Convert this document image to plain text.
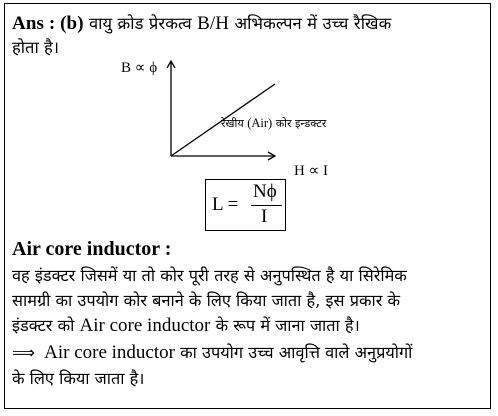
Ans : (b) वायु क्रोड प्रेरकत्व B/H अभिकल्पन में उच्च रैखिक
होता है।
B ∝ ϕ
H ∝ I
रेखीय (Air) कोर इन्डक्टर
L =
Nϕ
I
Air core inductor :
वह इंडक्टर जिसमें या तो कोर पूरी तरह से अनुपस्थित है या सिरेमिक
सामग्री का उपयोग कोर बनाने के लिए किया जाता है, इस प्रकार के
इंडक्टर को Air core inductor के रूप में जाना जाता है।
⟹ Air core inductor का उपयोग उच्च आवृत्ति वाले अनुप्रयोगों
के लिए किया जाता है।
